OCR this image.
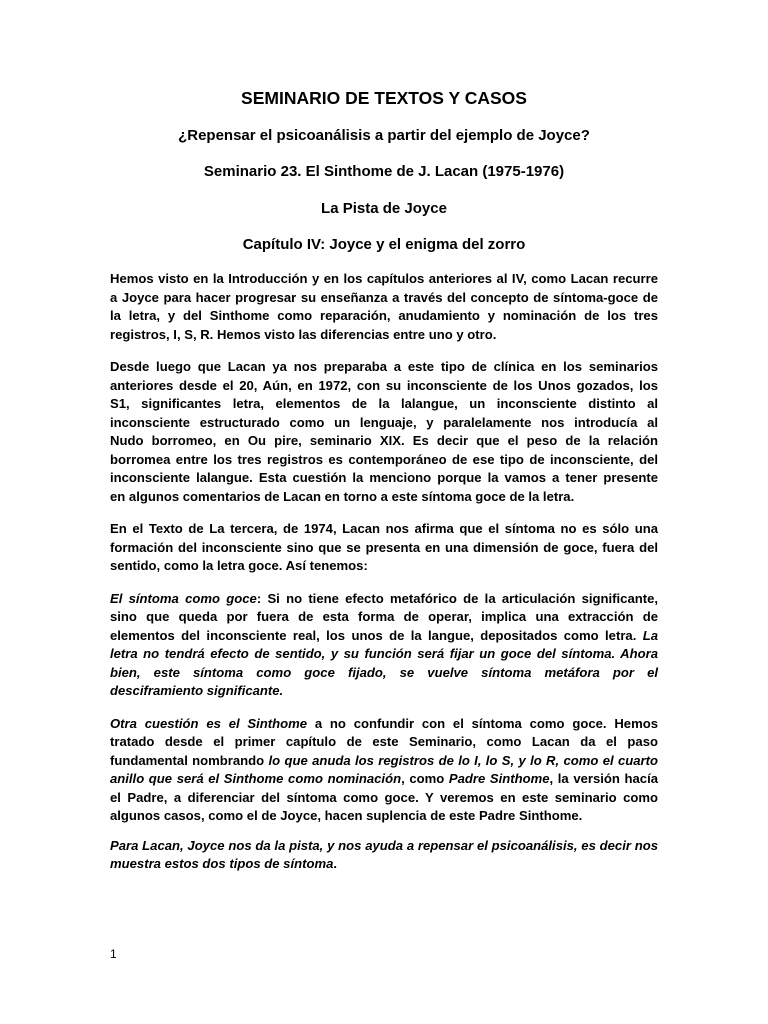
SEMINARIO DE TEXTOS Y CASOS
¿Repensar el psicoanálisis a partir del ejemplo de Joyce?
Seminario 23. El Sinthome de J. Lacan (1975-1976)
La Pista de Joyce
Capítulo IV: Joyce y el enigma del zorro

Hemos visto en la Introducción y en los capítulos anteriores al IV, como Lacan recurre
a Joyce para hacer progresar su enseñanza a través del concepto de síntoma-goce de
la letra, y del Sinthome como reparación, anudamiento y nominación de los tres
registros, I, S, R. Hemos visto las diferencias entre uno y otro.

Desde luego que Lacan ya nos preparaba a este tipo de clínica en los seminarios
anteriores desde el 20, Aún, en 1972, con su inconsciente de los Unos gozados, los
S1, significantes letra, elementos de la lalangue, un inconsciente distinto al
inconsciente estructurado como un lenguaje, y paralelamente nos introducía al
Nudo borromeo, en Ou pire, seminario XIX. Es decir que el peso de la relación
borromea entre los tres registros es contemporáneo de ese tipo de inconsciente, del
inconsciente lalangue. Esta cuestión la menciono porque la vamos a tener presente
en algunos comentarios de Lacan en torno a este síntoma goce de la letra.

En el Texto de La tercera, de 1974, Lacan nos afirma que el síntoma no es sólo una
formación del inconsciente sino que se presenta en una dimensión de goce, fuera del
sentido, como la letra goce. Así tenemos:

El síntoma como goce: Si no tiene efecto metafórico de la articulación significante,
sino que queda por fuera de esta forma de operar, implica una extracción de
elementos del inconsciente real, los unos de la langue, depositados como letra. La
letra no tendrá efecto de sentido, y su función será fijar un goce del síntoma. Ahora
bien, este síntoma como goce fijado, se vuelve síntoma metáfora por el
desciframiento significante.

Otra cuestión es el Sinthome a no confundir con el síntoma como goce. Hemos
tratado desde el primer capítulo de este Seminario, como Lacan da el paso
fundamental nombrando lo que anuda los registros de lo I, lo S, y lo R, como el cuarto
anillo que será el Sinthome como nominación, como Padre Sinthome, la versión hacía
el Padre, a diferenciar del síntoma como goce. Y veremos en este seminario como
algunos casos, como el de Joyce, hacen suplencia de este Padre Sinthome.

Para Lacan, Joyce nos da la pista, y nos ayuda a repensar el psicoanálisis, es decir nos
muestra estos dos tipos de síntoma.

1
